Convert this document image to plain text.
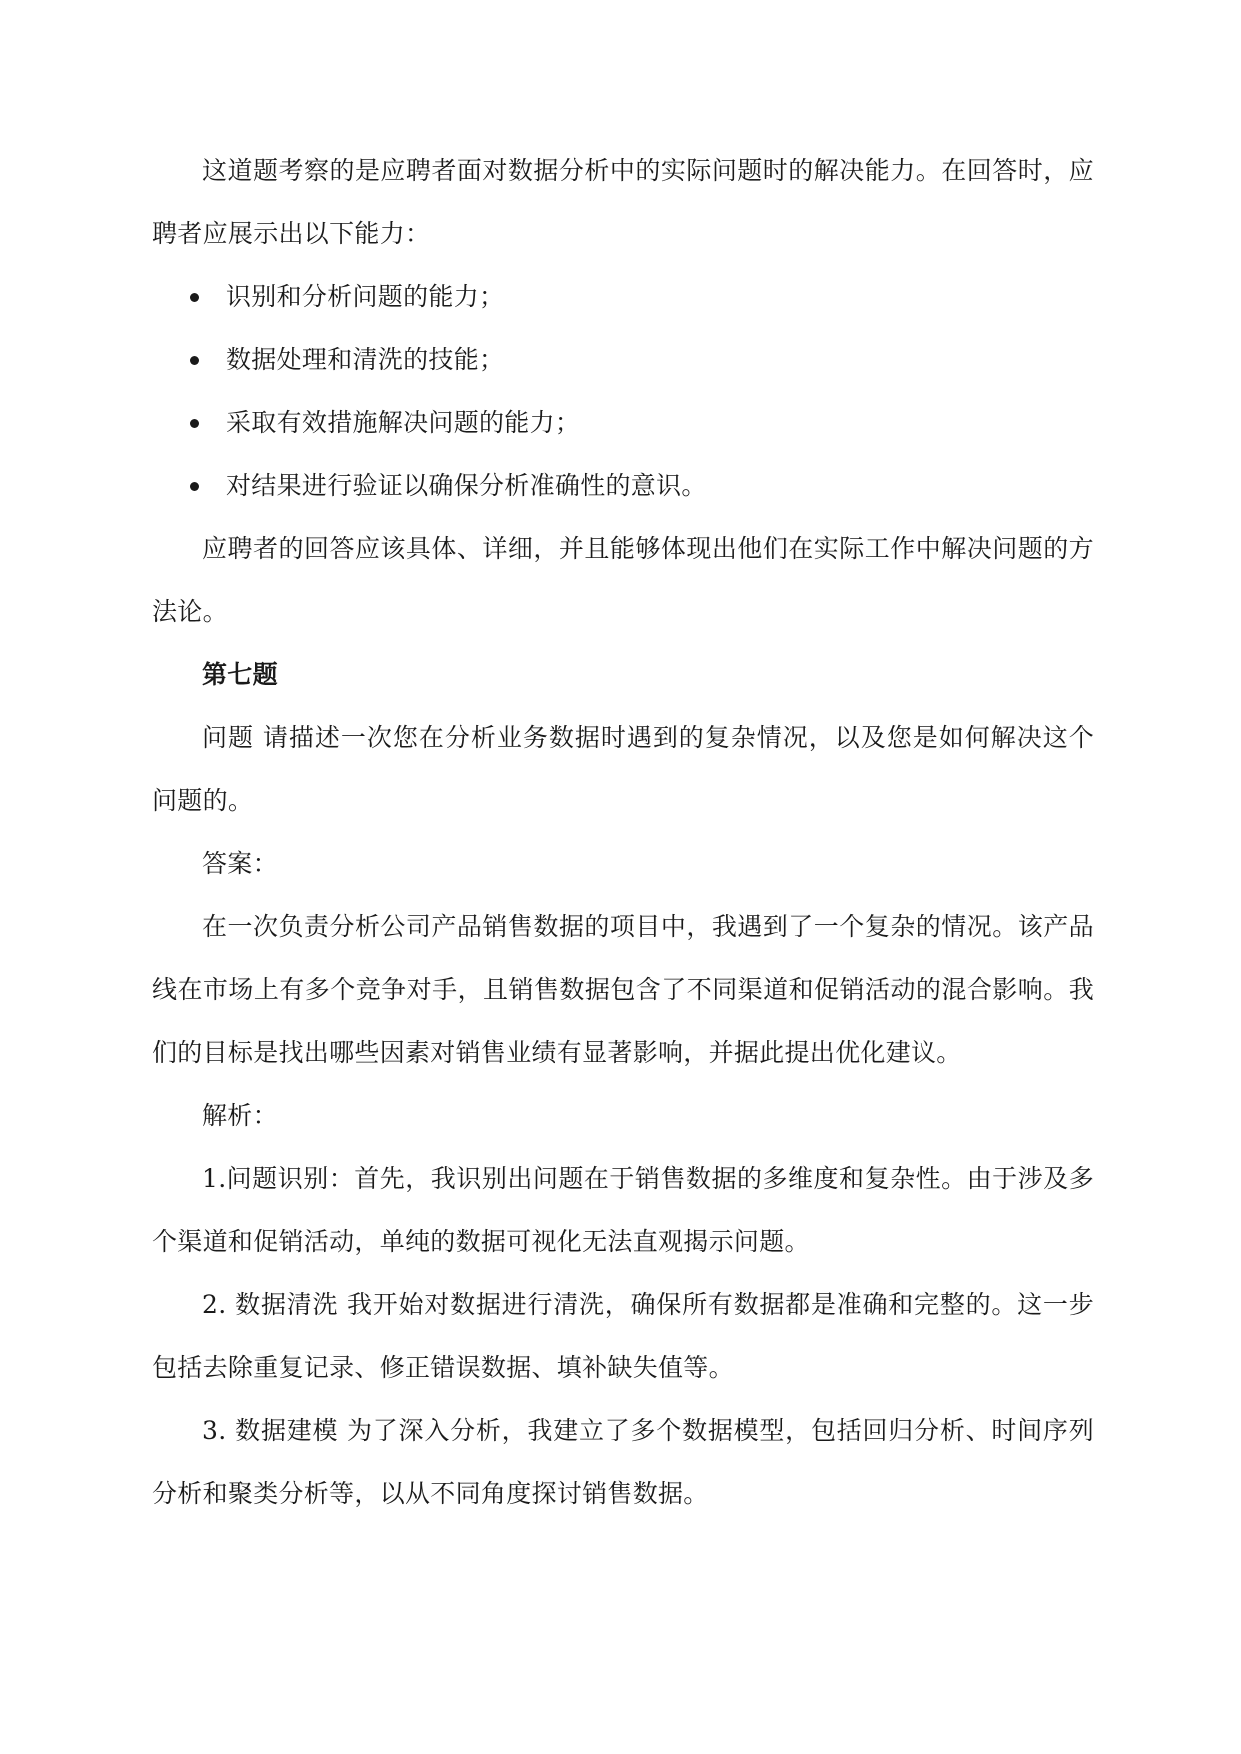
这道题考察的是应聘者面对数据分析中的实际问题时的解决能力。在回答时，应聘者应展示出以下能力：

识别和分析问题的能力；
数据处理和清洗的技能；
采取有效措施解决问题的能力；
对结果进行验证以确保分析准确性的意识。

应聘者的回答应该具体、详细，并且能够体现出他们在实际工作中解决问题的方法论。

第七题

问题 请描述一次您在分析业务数据时遇到的复杂情况，以及您是如何解决这个问题的。

答案：

在一次负责分析公司产品销售数据的项目中，我遇到了一个复杂的情况。该产品线在市场上有多个竞争对手，且销售数据包含了不同渠道和促销活动的混合影响。我们的目标是找出哪些因素对销售业绩有显著影响，并据此提出优化建议。

解析：

1.问题识别：首先，我识别出问题在于销售数据的多维度和复杂性。由于涉及多个渠道和促销活动，单纯的数据可视化无法直观揭示问题。

2. 数据清洗 我开始对数据进行清洗，确保所有数据都是准确和完整的。这一步包括去除重复记录、修正错误数据、填补缺失值等。

3. 数据建模 为了深入分析，我建立了多个数据模型，包括回归分析、时间序列分析和聚类分析等，以从不同角度探讨销售数据。
